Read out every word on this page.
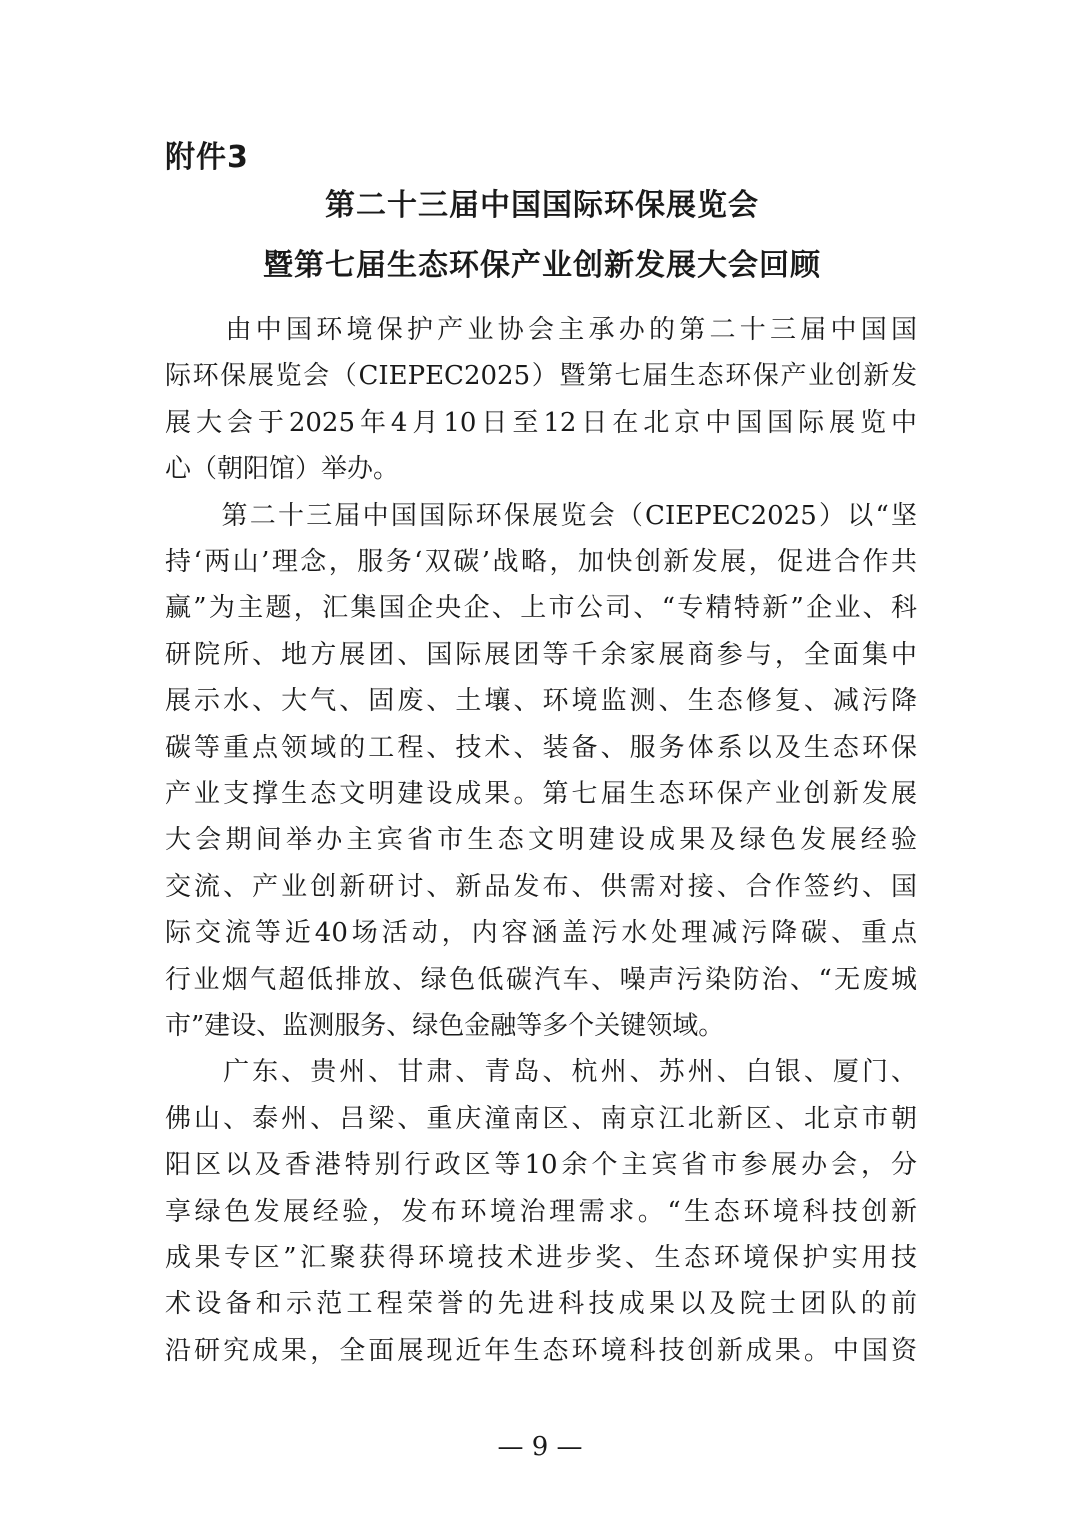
附件3
第二十三届中国国际环保展览会
暨第七届生态环保产业创新发展大会回顾
　　由中国环境保护产业协会主承办的第二十三届中国国
际环保展览会（CIEPEC2025）暨第七届生态环保产业创新发
展大会于2025年4月10日至12日在北京中国国际展览中
心（朝阳馆）举办。
　　第二十三届中国国际环保展览会（CIEPEC2025）以“坚
持‘两山’理念，服务‘双碳’战略，加快创新发展，促进合作共
赢”为主题，汇集国企央企、上市公司、“专精特新”企业、科
研院所、地方展团、国际展团等千余家展商参与，全面集中
展示水、大气、固废、土壤、环境监测、生态修复、减污降
碳等重点领域的工程、技术、装备、服务体系以及生态环保
产业支撑生态文明建设成果。第七届生态环保产业创新发展
大会期间举办主宾省市生态文明建设成果及绿色发展经验
交流、产业创新研讨、新品发布、供需对接、合作签约、国
际交流等近40场活动，内容涵盖污水处理减污降碳、重点
行业烟气超低排放、绿色低碳汽车、噪声污染防治、“无废城
市”建设、监测服务、绿色金融等多个关键领域。
　　广东、贵州、甘肃、青岛、杭州、苏州、白银、厦门、
佛山、泰州、吕梁、重庆潼南区、南京江北新区、北京市朝
阳区以及香港特别行政区等10余个主宾省市参展办会，分
享绿色发展经验，发布环境治理需求。“生态环境科技创新
成果专区”汇聚获得环境技术进步奖、生态环境保护实用技
术设备和示范工程荣誉的先进科技成果以及院士团队的前
沿研究成果，全面展现近年生态环境科技创新成果。中国资
— 9 —
